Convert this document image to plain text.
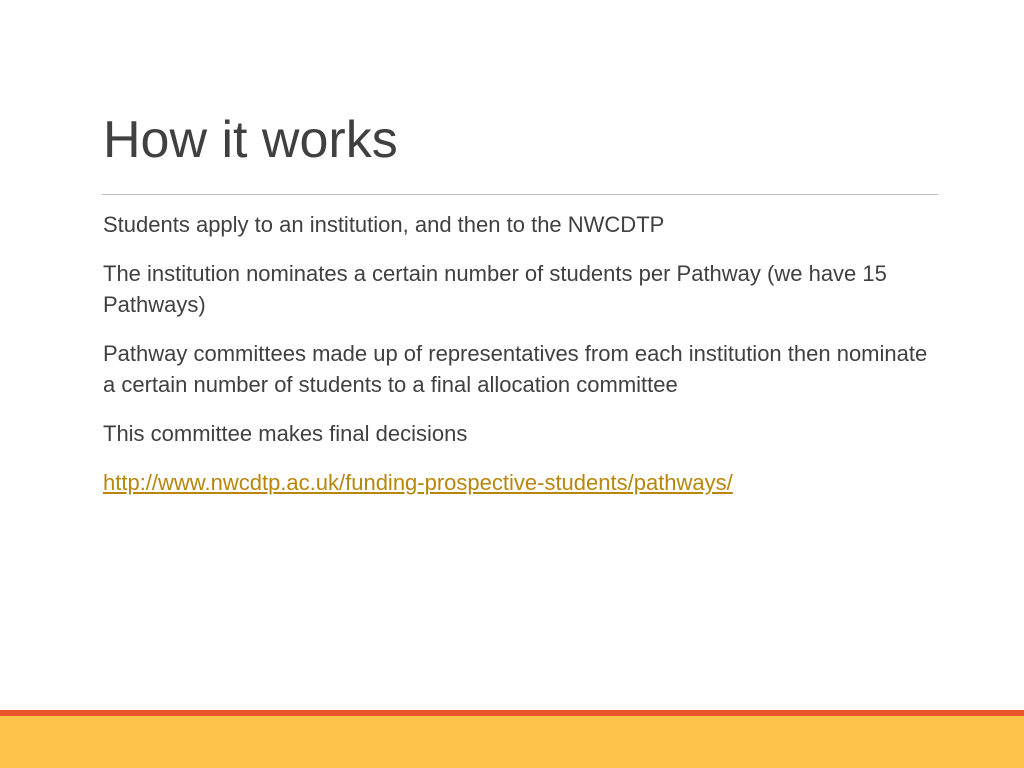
How it works
Students apply to an institution, and then to the NWCDTP
The institution nominates a certain number of students per Pathway (we have 15 Pathways)
Pathway committees made up of representatives from each institution then nominate a certain number of students to a final allocation committee
This committee makes final decisions
http://www.nwcdtp.ac.uk/funding-prospective-students/pathways/
